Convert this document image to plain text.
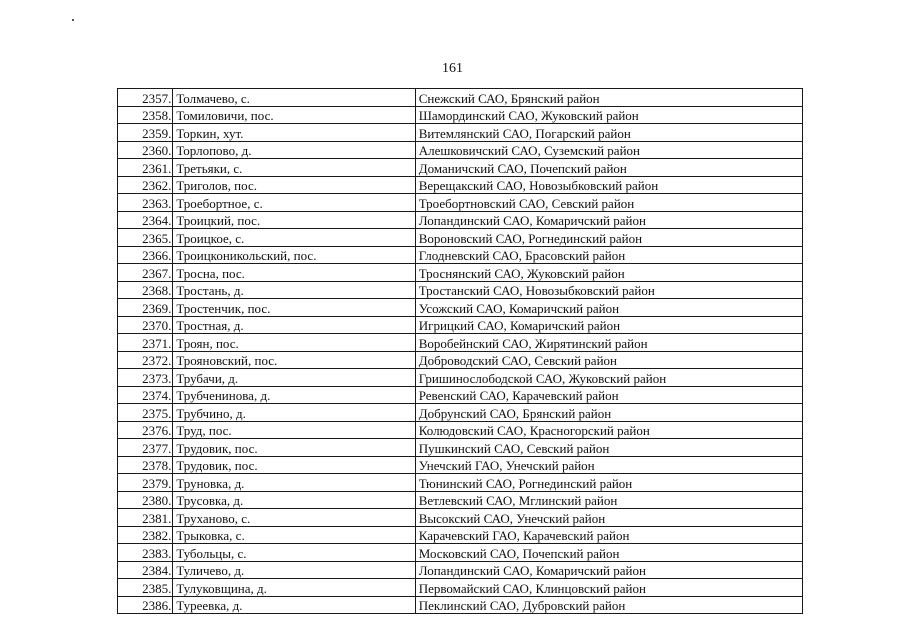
161
2357.	Толмачево, с.	Снежский САО, Брянский район
2358.	Томиловичи, пос.	Шамординский САО, Жуковский район
2359.	Торкин, хут.	Витемлянский САО, Погарский район
2360.	Торлопово, д.	Алешковичский САО, Суземский район
2361.	Третьяки, с.	Доманичский САО, Почепский район
2362.	Триголов, пос.	Верещакский САО, Новозыбковский район
2363.	Троебортное, с.	Троебортновский САО, Севский район
2364.	Троицкий, пос.	Лопандинский САО, Комаричский район
2365.	Троицкое, с.	Вороновский САО, Рогнединский район
2366.	Троицконикольский, пос.	Глодневский САО, Брасовский район
2367.	Тросна, пос.	Троснянский САО, Жуковский район
2368.	Тростань, д.	Тростанский САО, Новозыбковский район
2369.	Тростенчик, пос.	Усожский САО, Комаричский район
2370.	Тростная, д.	Игрицкий САО, Комаричский район
2371.	Троян, пос.	Воробейнский САО, Жирятинский район
2372.	Трояновский, пос.	Доброводский САО, Севский район
2373.	Трубачи, д.	Гришинослободской САО, Жуковский район
2374.	Трубченинова, д.	Ревенский САО, Карачевский район
2375.	Трубчино, д.	Добрунский САО, Брянский район
2376.	Труд, пос.	Колюдовский САО, Красногорский район
2377.	Трудовик, пос.	Пушкинский САО, Севский район
2378.	Трудовик, пос.	Унечский ГАО, Унечский район
2379.	Труновка, д.	Тюнинский САО, Рогнединский район
2380.	Трусовка, д.	Ветлевский САО, Мглинский район
2381.	Труханово, с.	Высокский САО, Унечский район
2382.	Трыковка, с.	Карачевский ГАО, Карачевский район
2383.	Тубольцы, с.	Московский САО, Почепский район
2384.	Туличево, д.	Лопандинский САО, Комаричский район
2385.	Тулуковщина, д.	Первомайский САО, Клинцовский район
2386.	Туреевка, д.	Пеклинский САО, Дубровский район
